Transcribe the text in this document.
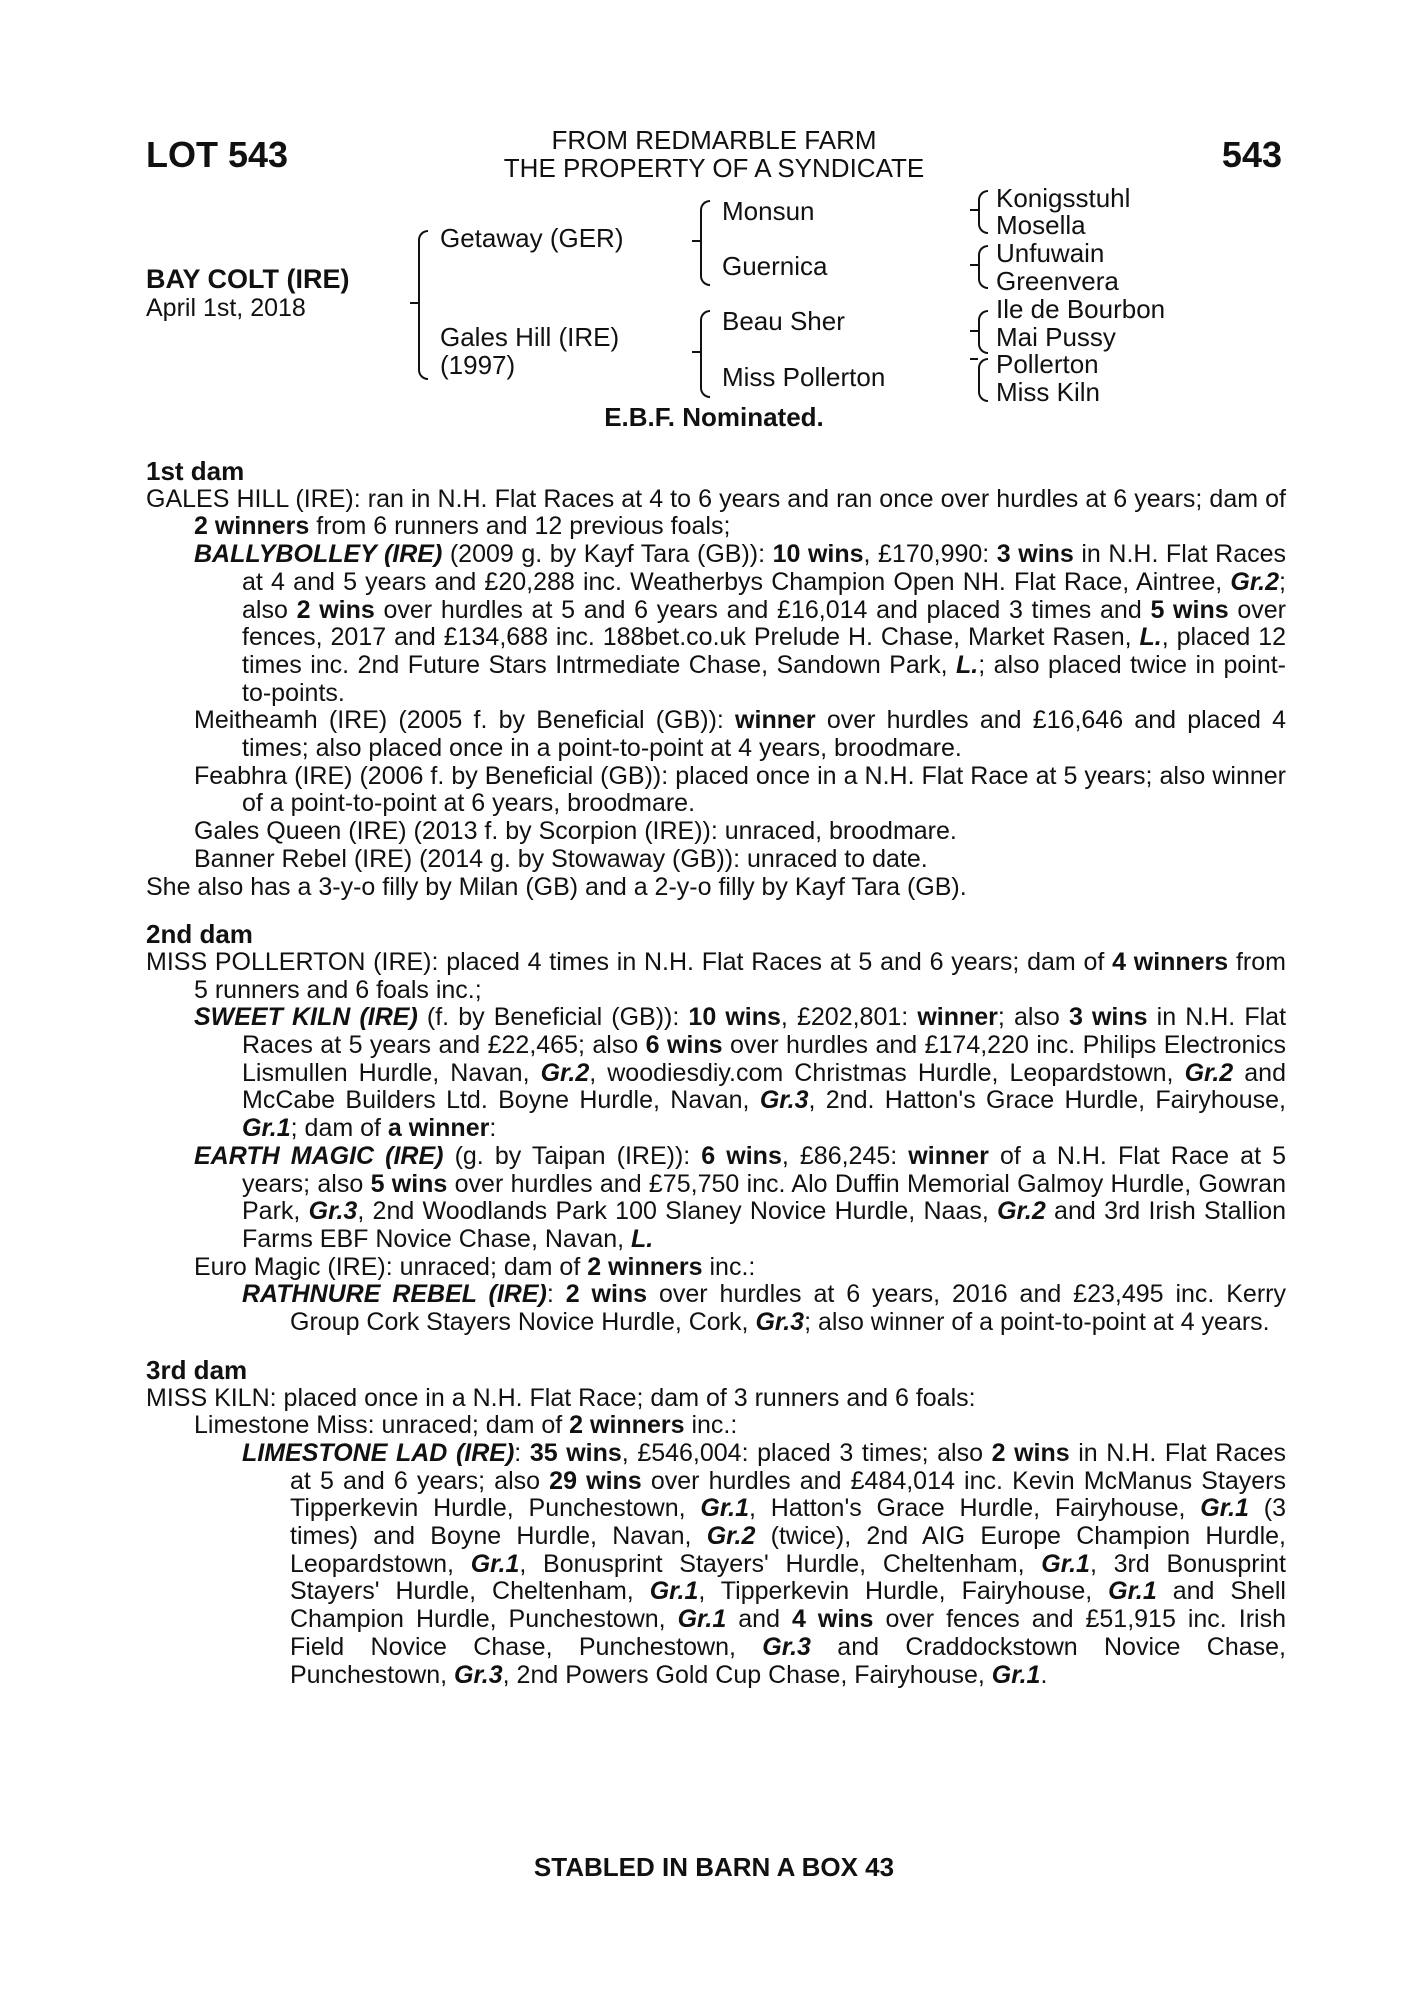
LOT 543	543
FROM REDMARBLE FARM
THE PROPERTY OF A SYNDICATE
BAY COLT (IRE)
April 1st, 2018
Getaway (GER)
Gales Hill (IRE)
(1997)
Monsun
Guernica
Beau Sher
Miss Pollerton
Konigsstuhl
Mosella
Unfuwain
Greenvera
Ile de Bourbon
Mai Pussy
Pollerton
Miss Kiln
E.B.F. Nominated.
1st dam
GALES HILL (IRE): ran in N.H. Flat Races at 4 to 6 years and ran once over hurdles at 6 years; dam of 2 winners from 6 runners and 12 previous foals;
BALLYBOLLEY (IRE) (2009 g. by Kayf Tara (GB)): 10 wins, £170,990: 3 wins in N.H. Flat Races at 4 and 5 years and £20,288 inc. Weatherbys Champion Open NH. Flat Race, Aintree, Gr.2; also 2 wins over hurdles at 5 and 6 years and £16,014 and placed 3 times and 5 wins over fences, 2017 and £134,688 inc. 188bet.co.uk Prelude H. Chase, Market Rasen, L., placed 12 times inc. 2nd Future Stars Intrmediate Chase, Sandown Park, L.; also placed twice in point-to-points.
Meitheamh (IRE) (2005 f. by Beneficial (GB)): winner over hurdles and £16,646 and placed 4 times; also placed once in a point-to-point at 4 years, broodmare.
Feabhra (IRE) (2006 f. by Beneficial (GB)): placed once in a N.H. Flat Race at 5 years; also winner of a point-to-point at 6 years, broodmare.
Gales Queen (IRE) (2013 f. by Scorpion (IRE)): unraced, broodmare.
Banner Rebel (IRE) (2014 g. by Stowaway (GB)): unraced to date.
She also has a 3-y-o filly by Milan (GB) and a 2-y-o filly by Kayf Tara (GB).
2nd dam
MISS POLLERTON (IRE): placed 4 times in N.H. Flat Races at 5 and 6 years; dam of 4 winners from 5 runners and 6 foals inc.;
SWEET KILN (IRE) (f. by Beneficial (GB)): 10 wins, £202,801: winner; also 3 wins in N.H. Flat Races at 5 years and £22,465; also 6 wins over hurdles and £174,220 inc. Philips Electronics Lismullen Hurdle, Navan, Gr.2, woodiesdiy.com Christmas Hurdle, Leopardstown, Gr.2 and McCabe Builders Ltd. Boyne Hurdle, Navan, Gr.3, 2nd. Hatton's Grace Hurdle, Fairyhouse, Gr.1; dam of a winner:
EARTH MAGIC (IRE) (g. by Taipan (IRE)): 6 wins, £86,245: winner of a N.H. Flat Race at 5 years; also 5 wins over hurdles and £75,750 inc. Alo Duffin Memorial Galmoy Hurdle, Gowran Park, Gr.3, 2nd Woodlands Park 100 Slaney Novice Hurdle, Naas, Gr.2 and 3rd Irish Stallion Farms EBF Novice Chase, Navan, L.
Euro Magic (IRE): unraced; dam of 2 winners inc.:
RATHNURE REBEL (IRE): 2 wins over hurdles at 6 years, 2016 and £23,495 inc. Kerry Group Cork Stayers Novice Hurdle, Cork, Gr.3; also winner of a point-to-point at 4 years.
3rd dam
MISS KILN: placed once in a N.H. Flat Race; dam of 3 runners and 6 foals:
Limestone Miss: unraced; dam of 2 winners inc.:
LIMESTONE LAD (IRE): 35 wins, £546,004: placed 3 times; also 2 wins in N.H. Flat Races at 5 and 6 years; also 29 wins over hurdles and £484,014 inc. Kevin McManus Stayers Tipperkevin Hurdle, Punchestown, Gr.1, Hatton's Grace Hurdle, Fairyhouse, Gr.1 (3 times) and Boyne Hurdle, Navan, Gr.2 (twice), 2nd AIG Europe Champion Hurdle, Leopardstown, Gr.1, Bonusprint Stayers' Hurdle, Cheltenham, Gr.1, 3rd Bonusprint Stayers' Hurdle, Cheltenham, Gr.1, Tipperkevin Hurdle, Fairyhouse, Gr.1 and Shell Champion Hurdle, Punchestown, Gr.1 and 4 wins over fences and £51,915 inc. Irish Field Novice Chase, Punchestown, Gr.3 and Craddockstown Novice Chase, Punchestown, Gr.3, 2nd Powers Gold Cup Chase, Fairyhouse, Gr.1.
STABLED IN BARN A BOX 43
